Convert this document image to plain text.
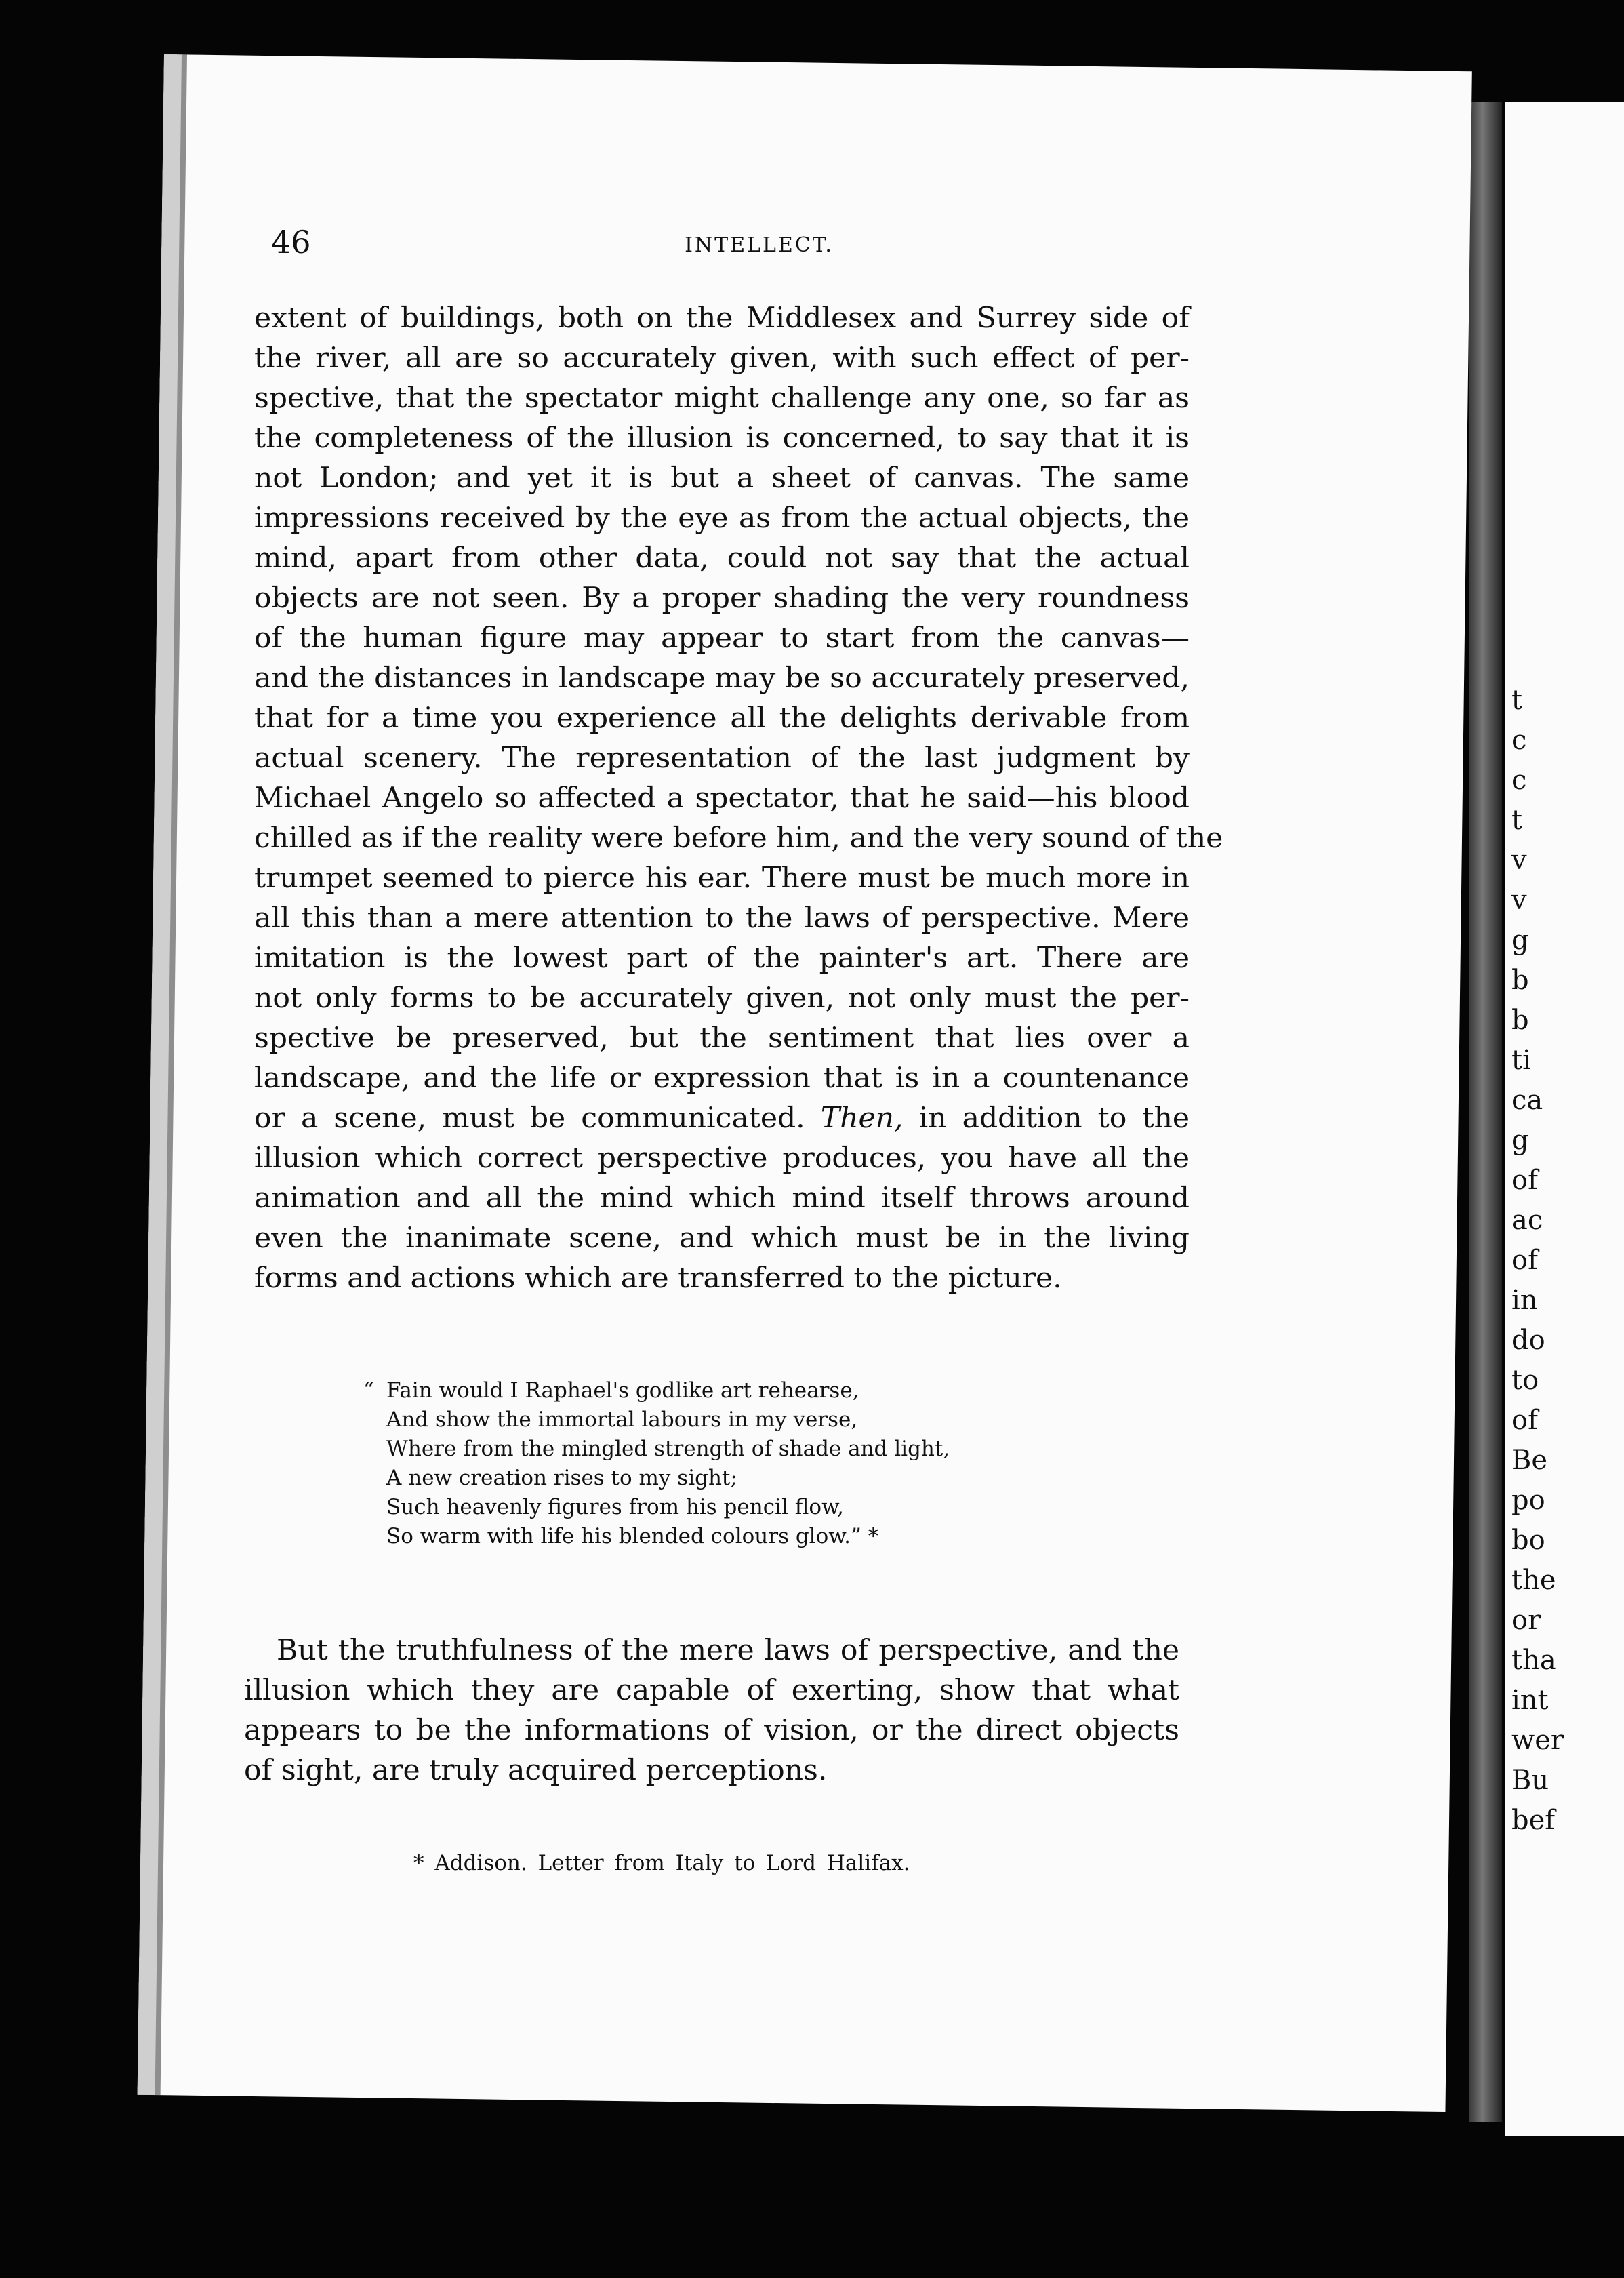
t
c
c
t
v
v
g
b
b
ti
ca
g
of
ac
of
in
do
to
of
Be
po
bo
the
or
tha
int
wer
Bu
bef
46	INTELLECT.
extent of buildings, both on the Middlesex and Surrey side of
the river, all are so accurately given, with such effect of per-
spective, that the spectator might challenge any one, so far as
the completeness of the illusion is concerned, to say that it is
not London; and yet it is but a sheet of canvas. The same
impressions received by the eye as from the actual objects, the
mind, apart from other data, could not say that the actual
objects are not seen. By a proper shading the very roundness
of the human figure may appear to start from the canvas—
and the distances in landscape may be so accurately preserved,
that for a time you experience all the delights derivable from
actual scenery. The representation of the last judgment by
Michael Angelo so affected a spectator, that he said—his blood
chilled as if the reality were before him, and the very sound of the
trumpet seemed to pierce his ear. There must be much more in
all this than a mere attention to the laws of perspective. Mere
imitation is the lowest part of the painter's art. There are
not only forms to be accurately given, not only must the per-
spective be preserved, but the sentiment that lies over a
landscape, and the life or expression that is in a countenance
or a scene, must be communicated. Then, in addition to the
illusion which correct perspective produces, you have all the
animation and all the mind which mind itself throws around
even the inanimate scene, and which must be in the living
forms and actions which are transferred to the picture.
“ Fain would I Raphael's godlike art rehearse,
And show the immortal labours in my verse,
Where from the mingled strength of shade and light,
A new creation rises to my sight;
Such heavenly figures from his pencil flow,
So warm with life his blended colours glow.” *
But the truthfulness of the mere laws of perspective, and the
illusion which they are capable of exerting, show that what
appears to be the informations of vision, or the direct objects
of sight, are truly acquired perceptions.
* Addison. Letter from Italy to Lord Halifax.
